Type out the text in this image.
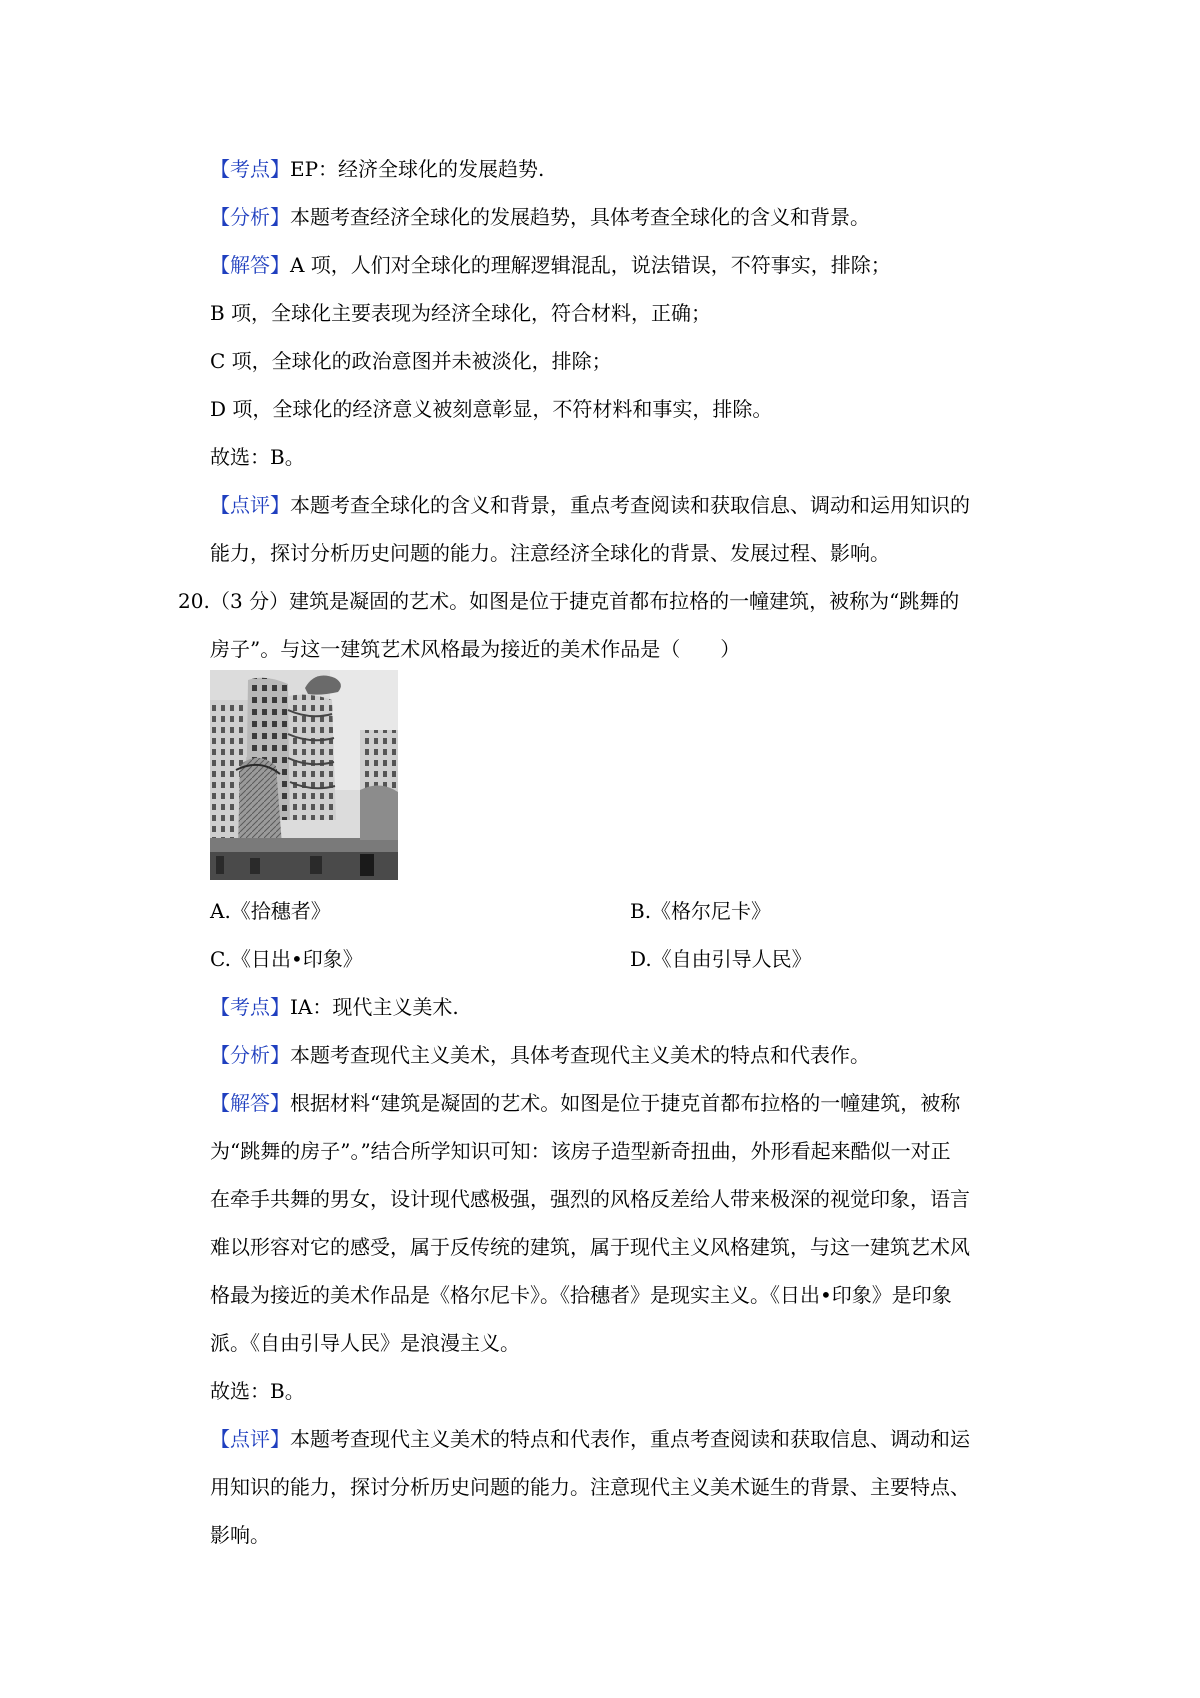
【考点】EP：经济全球化的发展趋势.
【分析】本题考查经济全球化的发展趋势，具体考查全球化的含义和背景。
【解答】A 项，人们对全球化的理解逻辑混乱，说法错误，不符事实，排除；
B 项，全球化主要表现为经济全球化，符合材料，正确；
C 项，全球化的政治意图并未被淡化，排除；
D 项，全球化的经济意义被刻意彰显，不符材料和事实，排除。
故选：B。
【点评】本题考查全球化的含义和背景，重点考查阅读和获取信息、调动和运用知识的
能力，探讨分析历史问题的能力。注意经济全球化的背景、发展过程、影响。
20. （3 分）建筑是凝固的艺术。如图是位于捷克首都布拉格的一幢建筑，被称为“跳舞的
房子”。与这一建筑艺术风格最为接近的美术作品是（　　）
A.《拾穗者》	B.《格尔尼卡》
C.《日出•印象》	D.《自由引导人民》
【考点】IA：现代主义美术.
【分析】本题考查现代主义美术，具体考查现代主义美术的特点和代表作。
【解答】根据材料“建筑是凝固的艺术。如图是位于捷克首都布拉格的一幢建筑，被称
为“跳舞的房子”。”结合所学知识可知：该房子造型新奇扭曲，外形看起来酷似一对正
在牵手共舞的男女，设计现代感极强，强烈的风格反差给人带来极深的视觉印象，语言
难以形容对它的感受，属于反传统的建筑，属于现代主义风格建筑，与这一建筑艺术风
格最为接近的美术作品是《格尔尼卡》。《拾穗者》是现实主义。《日出•印象》是印象
派。《自由引导人民》是浪漫主义。
故选：B。
【点评】本题考查现代主义美术的特点和代表作，重点考查阅读和获取信息、调动和运
用知识的能力，探讨分析历史问题的能力。注意现代主义美术诞生的背景、主要特点、
影响。
